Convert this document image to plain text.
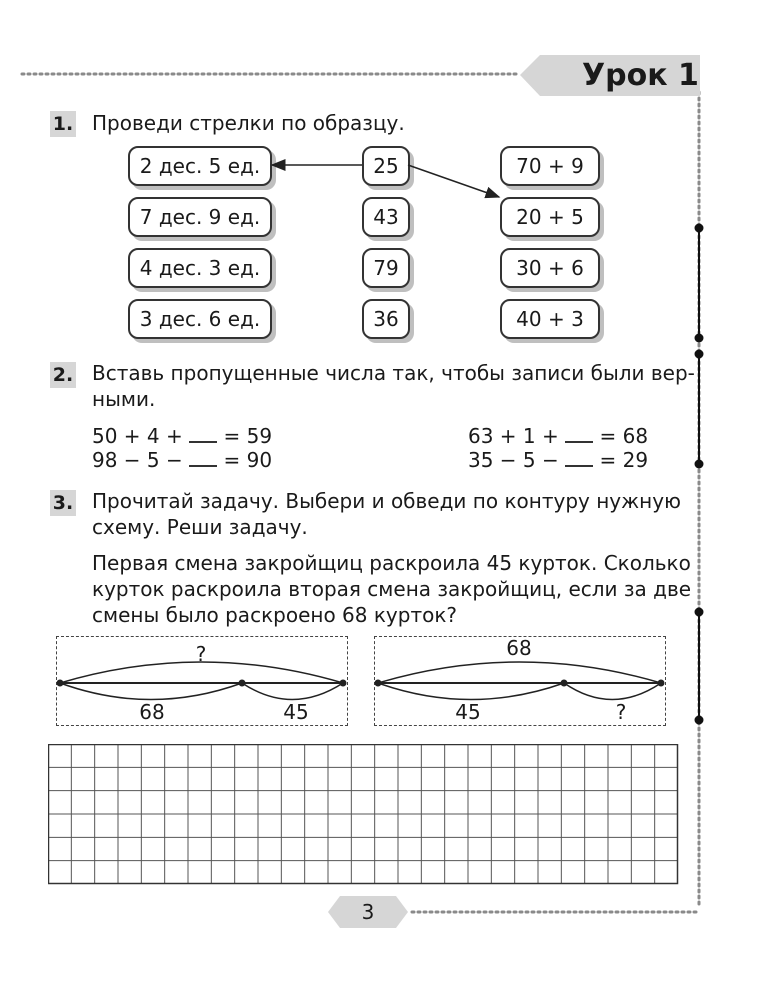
Урок 1
1. Проведи стрелки по образцу.
2 дес. 5 ед.
7 дес. 9 ед.
4 дес. 3 ед.
3 дес. 6 ед.
25
43
79
36
70 + 9
20 + 5
30 + 6
40 + 3
2. Вставь пропущенные числа так, чтобы записи были вер-
ными.
50 + 4 +  = 59
98 − 5 −  = 90
63 + 1 +  = 68
35 − 5 −  = 29
3. Прочитай задачу. Выбери и обведи по контуру нужную
схему. Реши задачу.
Первая смена закройщиц раскроила 45 курток. Сколько
курток раскроила вторая смена закройщиц, если за две
смены было раскроено 68 курток?
?
68	45
68
45	?
3
